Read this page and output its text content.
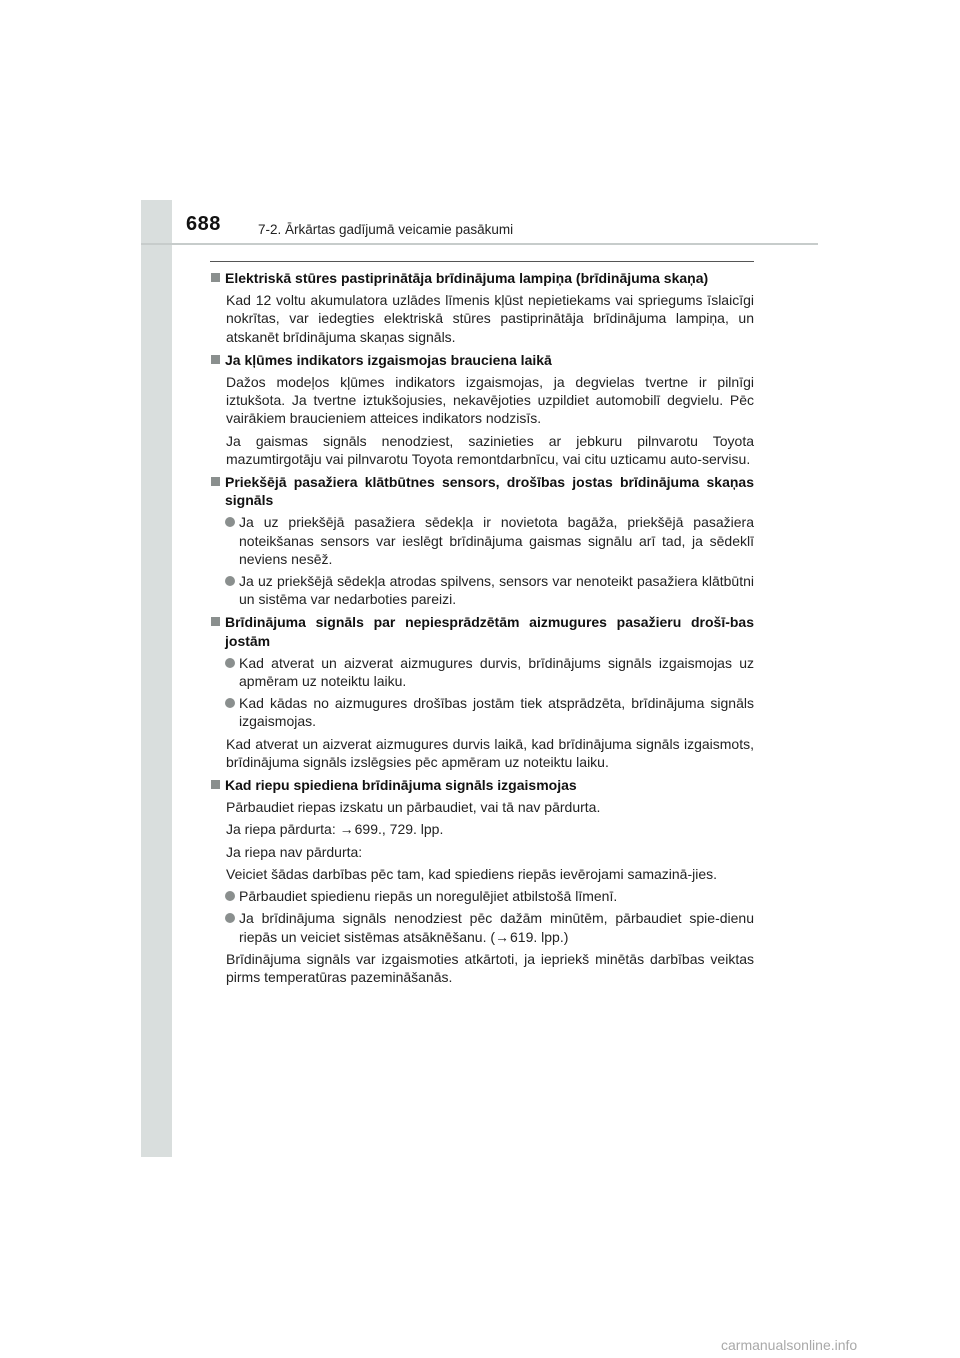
688	7-2. Ārkārtas gadījumā veicamie pasākumi
Elektriskā stūres pastiprinātāja brīdinājuma lampiņa (brīdinājuma skaņa)
Kad 12 voltu akumulatora uzlādes līmenis kļūst nepietiekams vai spriegums īslaicīgi nokrītas, var iedegties elektriskā stūres pastiprinātāja brīdinājuma lampiņa, un atskanēt brīdinājuma skaņas signāls.
Ja kļūmes indikators izgaismojas brauciena laikā
Dažos modeļos kļūmes indikators izgaismojas, ja degvielas tvertne ir pilnīgi iztukšota. Ja tvertne iztukšojusies, nekavējoties uzpildiet automobilī degvielu. Pēc vairākiem braucieniem atteices indikators nodzisīs.
Ja gaismas signāls nenodziest, sazinieties ar jebkuru pilnvarotu Toyota mazumtirgotāju vai pilnvarotu Toyota remontdarbnīcu, vai citu uzticamu auto-servisu.
Priekšējā pasažiera klātbūtnes sensors, drošības jostas brīdinājuma skaņas signāls
Ja uz priekšējā pasažiera sēdekļa ir novietota bagāža, priekšējā pasažiera noteikšanas sensors var ieslēgt brīdinājuma gaismas signālu arī tad, ja sēdeklī neviens nesēž.
Ja uz priekšējā sēdekļa atrodas spilvens, sensors var nenoteikt pasažiera klātbūtni un sistēma var nedarboties pareizi.
Brīdinājuma signāls par nepiesprādzētām aizmugures pasažieru drošī-bas jostām
Kad atverat un aizverat aizmugures durvis, brīdinājums signāls izgaismojas uz apmēram uz noteiktu laiku.
Kad kādas no aizmugures drošības jostām tiek atsprādzēta, brīdinājuma signāls izgaismojas.
Kad atverat un aizverat aizmugures durvis laikā, kad brīdinājuma signāls izgaismots, brīdinājuma signāls izslēgsies pēc apmēram uz noteiktu laiku.
Kad riepu spiediena brīdinājuma signāls izgaismojas
Pārbaudiet riepas izskatu un pārbaudiet, vai tā nav pārdurta.
Ja riepa pārdurta: →699., 729. lpp.
Ja riepa nav pārdurta:
Veiciet šādas darbības pēc tam, kad spiediens riepās ievērojami samazinā-jies.
Pārbaudiet spiedienu riepās un noregulējiet atbilstošā līmenī.
Ja brīdinājuma signāls nenodziest pēc dažām minūtēm, pārbaudiet spie-dienu riepās un veiciet sistēmas atsāknēšanu. (→619. lpp.)
Brīdinājuma signāls var izgaismoties atkārtoti, ja iepriekš minētās darbības veiktas pirms temperatūras pazemināšanās.
carmanualsonline.info
